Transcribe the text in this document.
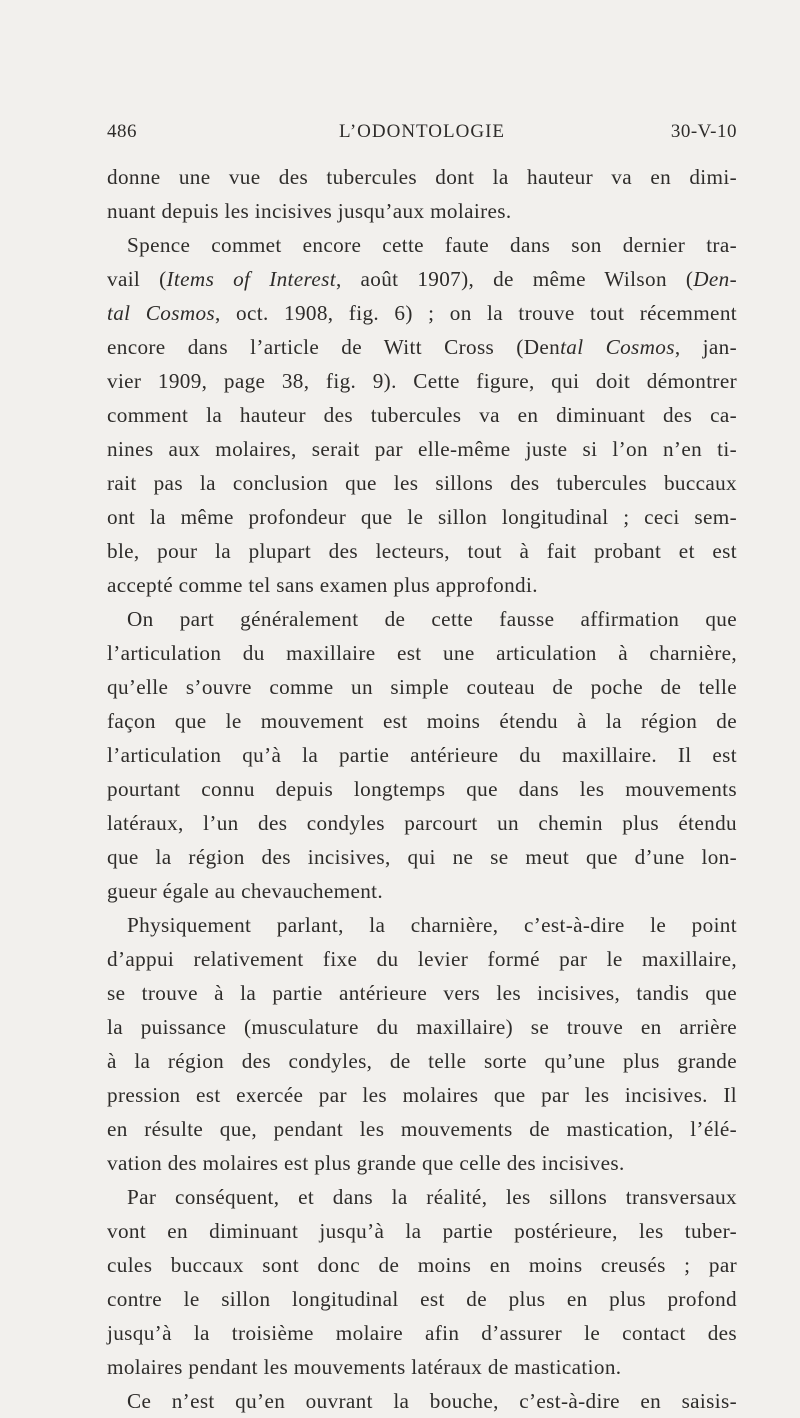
486	L’ODONTOLOGIE	30-V-10
donne une vue des tubercules dont la hauteur va en dimi-
nuant depuis les incisives jusqu’aux molaires.
Spence commet encore cette faute dans son dernier tra-
vail (Items of Interest, août 1907), de même Wilson (Den-
tal Cosmos, oct. 1908, fig. 6) ; on la trouve tout récemment
encore dans l’article de Witt Cross (Dental Cosmos, jan-
vier 1909, page 38, fig. 9). Cette figure, qui doit démontrer
comment la hauteur des tubercules va en diminuant des ca-
nines aux molaires, serait par elle-même juste si l’on n’en ti-
rait pas la conclusion que les sillons des tubercules buccaux
ont la même profondeur que le sillon longitudinal ; ceci sem-
ble, pour la plupart des lecteurs, tout à fait probant et est
accepté comme tel sans examen plus approfondi.
On part généralement de cette fausse affirmation que
l’articulation du maxillaire est une articulation à charnière,
qu’elle s’ouvre comme un simple couteau de poche de telle
façon que le mouvement est moins étendu à la région de
l’articulation qu’à la partie antérieure du maxillaire. Il est
pourtant connu depuis longtemps que dans les mouvements
latéraux, l’un des condyles parcourt un chemin plus étendu
que la région des incisives, qui ne se meut que d’une lon-
gueur égale au chevauchement.
Physiquement parlant, la charnière, c’est-à-dire le point
d’appui relativement fixe du levier formé par le maxillaire,
se trouve à la partie antérieure vers les incisives, tandis que
la puissance (musculature du maxillaire) se trouve en arrière
à la région des condyles, de telle sorte qu’une plus grande
pression est exercée par les molaires que par les incisives. Il
en résulte que, pendant les mouvements de mastication, l’élé-
vation des molaires est plus grande que celle des incisives.
Par conséquent, et dans la réalité, les sillons transversaux
vont en diminuant jusqu’à la partie postérieure, les tuber-
cules buccaux sont donc de moins en moins creusés ; par
contre le sillon longitudinal est de plus en plus profond
jusqu’à la troisième molaire afin d’assurer le contact des
molaires pendant les mouvements latéraux de mastication.
Ce n’est qu’en ouvrant la bouche, c’est-à-dire en saisis-
